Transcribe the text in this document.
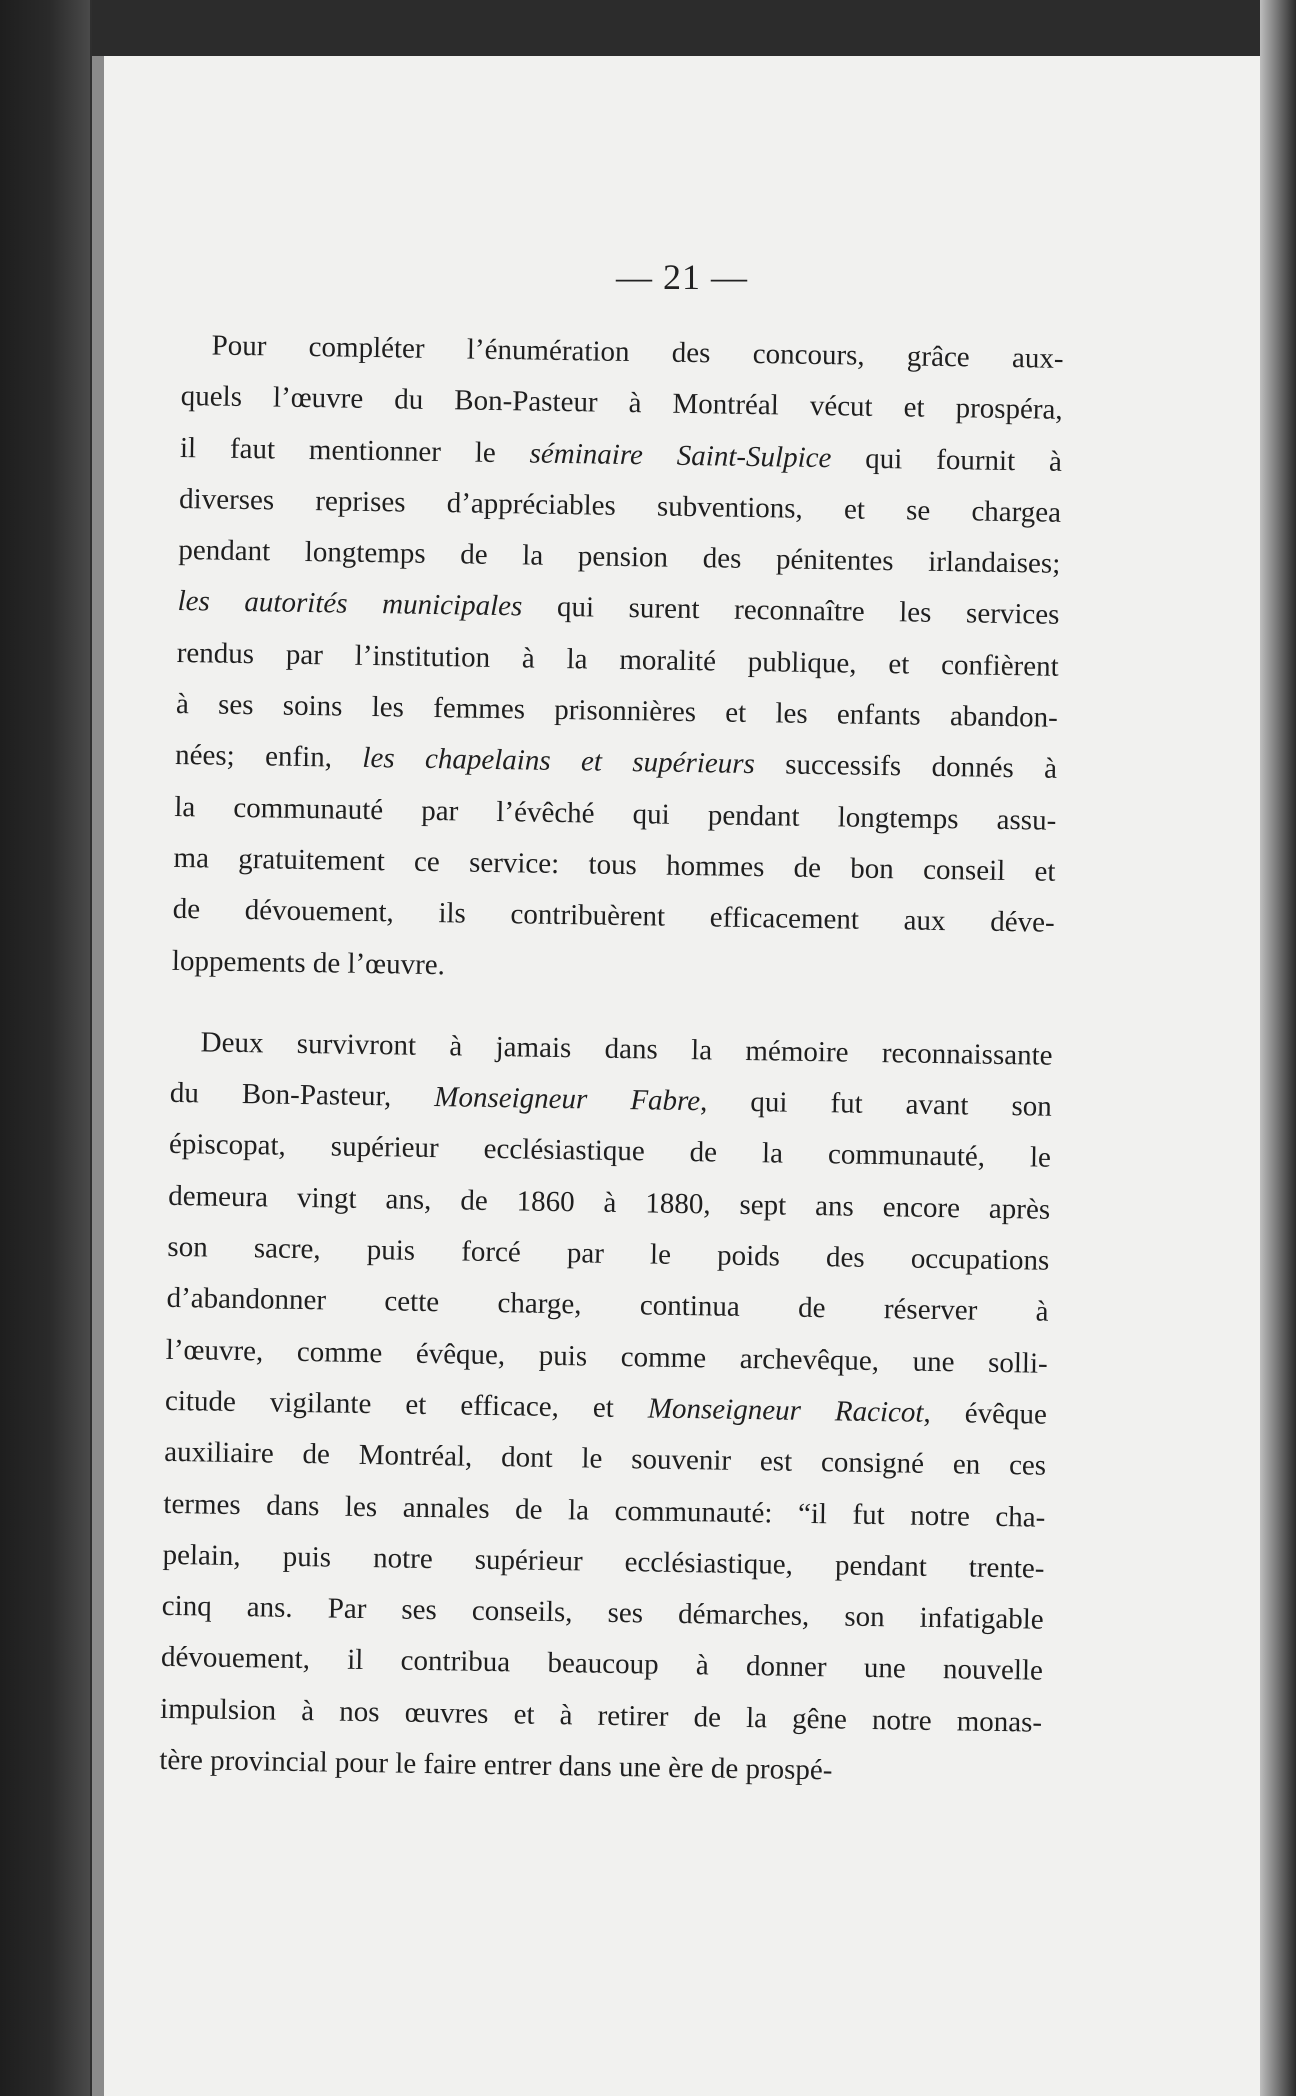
— 21 —
Pour compléter l’énumération des concours, grâce aux-
quels l’œuvre du Bon-Pasteur à Montréal vécut et prospéra,
il faut mentionner le séminaire Saint-Sulpice qui fournit à
diverses reprises d’appréciables subventions, et se chargea
pendant longtemps de la pension des pénitentes irlandaises;
les autorités municipales qui surent reconnaître les services
rendus par l’institution à la moralité publique, et confièrent
à ses soins les femmes prisonnières et les enfants abandon-
nées; enfin, les chapelains et supérieurs successifs donnés à
la communauté par l’évêché qui pendant longtemps assu-
ma gratuitement ce service: tous hommes de bon conseil et
de dévouement, ils contribuèrent efficacement aux déve-
loppements de l’œuvre.
Deux survivront à jamais dans la mémoire reconnaissante
du Bon-Pasteur, Monseigneur Fabre, qui fut avant son
épiscopat, supérieur ecclésiastique de la communauté, le
demeura vingt ans, de 1860 à 1880, sept ans encore après
son sacre, puis forcé par le poids des occupations
d’abandonner cette charge, continua de réserver à
l’œuvre, comme évêque, puis comme archevêque, une solli-
citude vigilante et efficace, et Monseigneur Racicot, évêque
auxiliaire de Montréal, dont le souvenir est consigné en ces
termes dans les annales de la communauté: “il fut notre cha-
pelain, puis notre supérieur ecclésiastique, pendant trente-
cinq ans. Par ses conseils, ses démarches, son infatigable
dévouement, il contribua beaucoup à donner une nouvelle
impulsion à nos œuvres et à retirer de la gêne notre monas-
tère provincial pour le faire entrer dans une ère de prospé-
